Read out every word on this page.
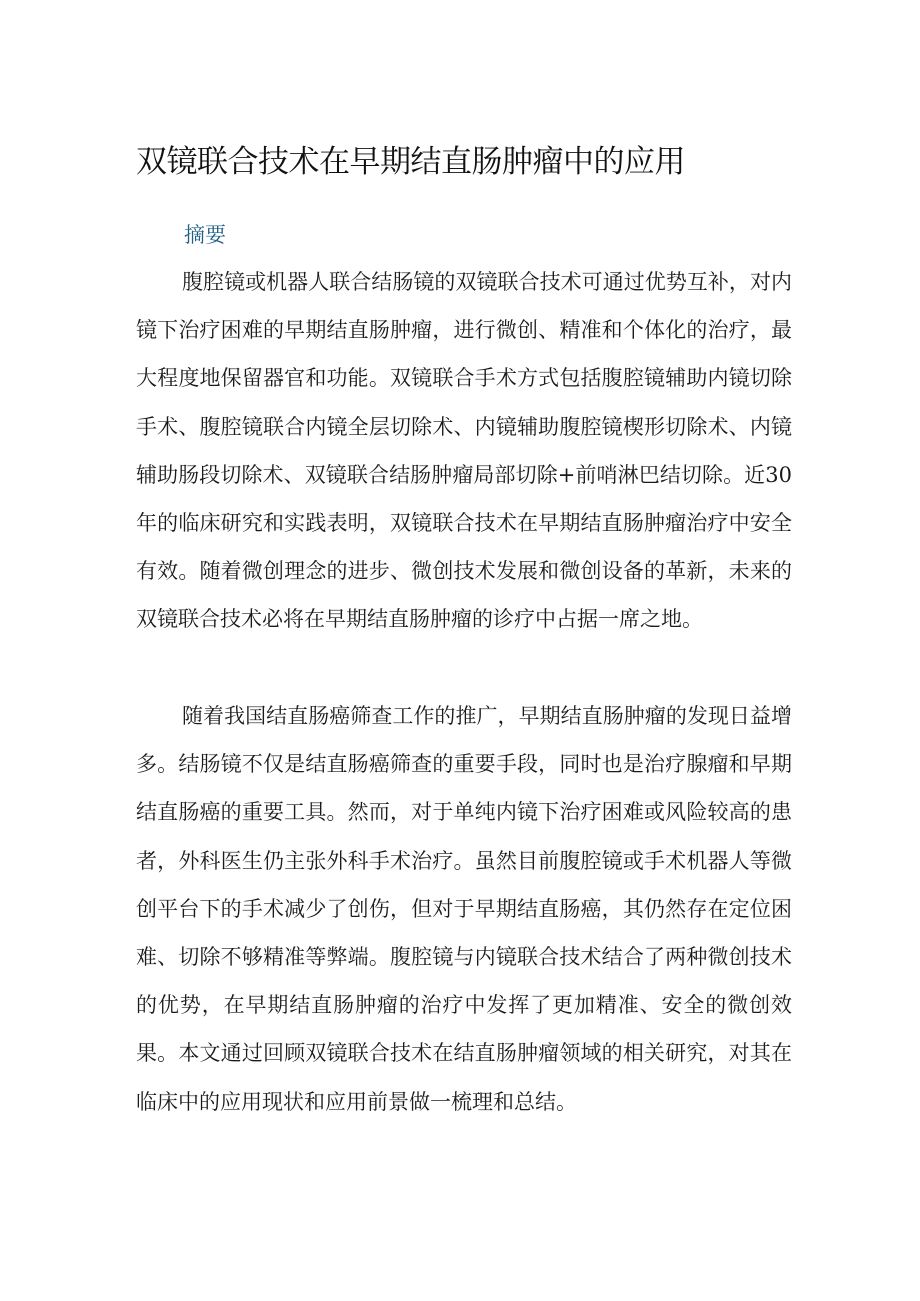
双镜联合技术在早期结直肠肿瘤中的应用
摘要

腹腔镜或机器人联合结肠镜的双镜联合技术可通过优势互补，对内镜下治疗困难的早期结直肠肿瘤，进行微创、精准和个体化的治疗，最大程度地保留器官和功能。双镜联合手术方式包括腹腔镜辅助内镜切除手术、腹腔镜联合内镜全层切除术、内镜辅助腹腔镜楔形切除术、内镜辅助肠段切除术、双镜联合结肠肿瘤局部切除+前哨淋巴结切除。近30年的临床研究和实践表明，双镜联合技术在早期结直肠肿瘤治疗中安全有效。随着微创理念的进步、微创技术发展和微创设备的革新，未来的双镜联合技术必将在早期结直肠肿瘤的诊疗中占据一席之地。

随着我国结直肠癌筛查工作的推广，早期结直肠肿瘤的发现日益增多。结肠镜不仅是结直肠癌筛查的重要手段，同时也是治疗腺瘤和早期结直肠癌的重要工具。然而，对于单纯内镜下治疗困难或风险较高的患者，外科医生仍主张外科手术治疗。虽然目前腹腔镜或手术机器人等微创平台下的手术减少了创伤，但对于早期结直肠癌，其仍然存在定位困难、切除不够精准等弊端。腹腔镜与内镜联合技术结合了两种微创技术的优势，在早期结直肠肿瘤的治疗中发挥了更加精准、安全的微创效果。本文通过回顾双镜联合技术在结直肠肿瘤领域的相关研究，对其在临床中的应用现状和应用前景做一梳理和总结。
